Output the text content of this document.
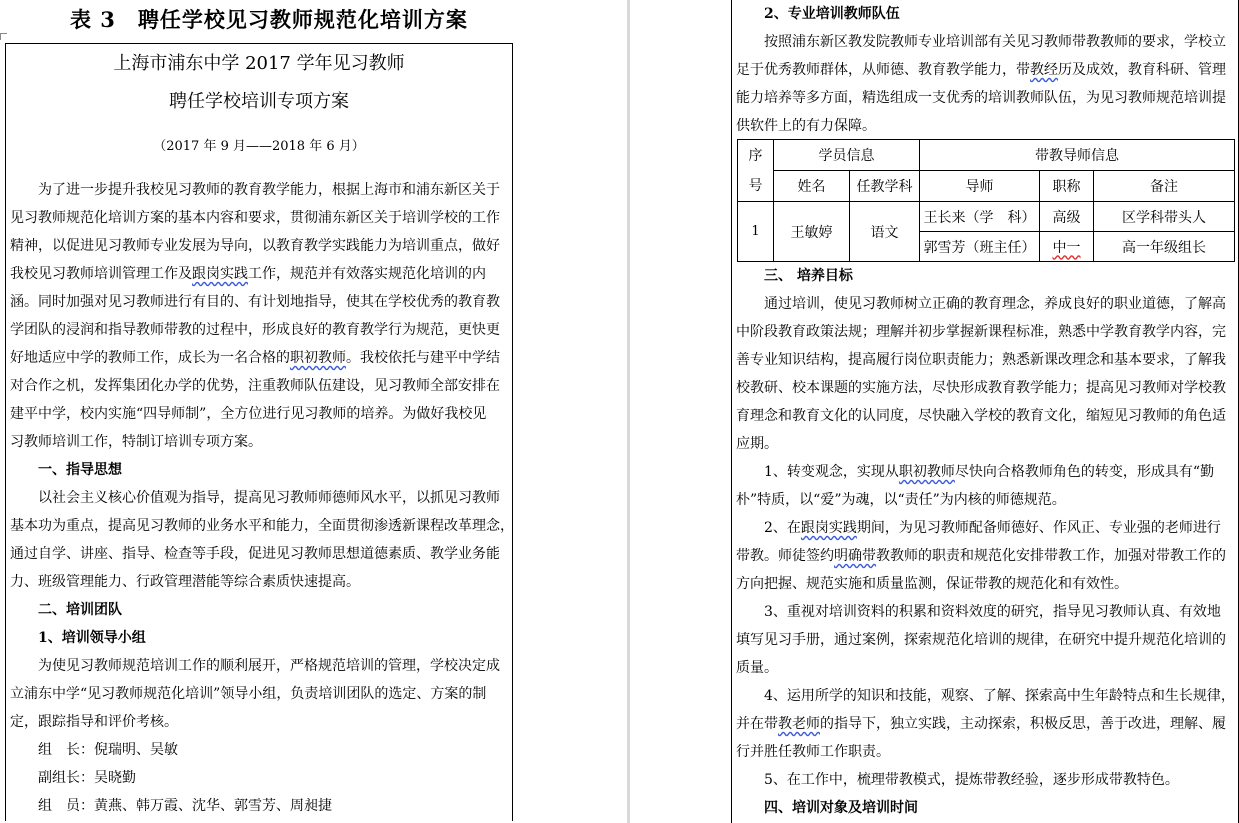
表 3　聘任学校见习教师规范化培训方案
上海市浦东中学 2017 学年见习教师
聘任学校培训专项方案
（2017 年 9 月——2018 年 6 月）
为了进一步提升我校见习教师的教育教学能力，根据上海市和浦东新区关于
见习教师规范化培训方案的基本内容和要求，贯彻浦东新区关于培训学校的工作
精神，以促进见习教师专业发展为导向，以教育教学实践能力为培训重点，做好
我校见习教师培训管理工作及跟岗实践工作，规范并有效落实规范化培训的内
涵。同时加强对见习教师进行有目的、有计划地指导，使其在学校优秀的教育教
学团队的浸润和指导教师带教的过程中，形成良好的教育教学行为规范，更快更
好地适应中学的教师工作，成长为一名合格的职初教师。我校依托与建平中学结
对合作之机，发挥集团化办学的优势，注重教师队伍建设，见习教师全部安排在
建平中学，校内实施“四导师制”，全方位进行见习教师的培养。为做好我校见
习教师培训工作，特制订培训专项方案。
一、指导思想
以社会主义核心价值观为指导，提高见习教师师德师风水平，以抓见习教师
基本功为重点，提高见习教师的业务水平和能力，全面贯彻渗透新课程改革理念，
通过自学、讲座、指导、检查等手段，促进见习教师思想道德素质、教学业务能
力、班级管理能力、行政管理潜能等综合素质快速提高。
二、培训团队
1、培训领导小组
为使见习教师规范培训工作的顺利展开，严格规范培训的管理，学校决定成
立浦东中学“见习教师规范化培训”领导小组，负责培训团队的选定、方案的制
定，跟踪指导和评价考核。
组　长：倪瑞明、吴敏
副组长：吴晓勤
组　员：黄燕、韩万霞、沈华、郭雪芳、周昶捷
2、专业培训教师队伍
按照浦东新区教发院教师专业培训部有关见习教师带教教师的要求，学校立
足于优秀教师群体，从师德、教育教学能力，带教经历及成效，教育科研、管理
能力培养等多方面，精选组成一支优秀的培训教师队伍，为见习教师规范培训提
供软件上的有力保障。
序
号	学员信息		带教导师信息		
	姓名	任教学科	导师	职称	备注
1	王敏婷	语文	王长来（学　科）	高级	区学科带头人
			郭雪芳（班主任）	中一	高一年级组长
三、 培养目标
通过培训，使见习教师树立正确的教育理念，养成良好的职业道德，了解高
中阶段教育政策法规；理解并初步掌握新课程标准，熟悉中学教育教学内容，完
善专业知识结构，提高履行岗位职责能力；熟悉新课改理念和基本要求，了解我
校教研、校本课题的实施方法，尽快形成教育教学能力；提高见习教师对学校教
育理念和教育文化的认同度，尽快融入学校的教育文化，缩短见习教师的角色适
应期。
1、转变观念，实现从职初教师尽快向合格教师角色的转变，形成具有“勤
朴”特质，以“爱”为魂，以“责任”为内核的师德规范。
2、在跟岗实践期间，为见习教师配备师德好、作风正、专业强的老师进行
带教。师徒签约明确带教教师的职责和规范化安排带教工作，加强对带教工作的
方向把握、规范实施和质量监测，保证带教的规范化和有效性。
3、重视对培训资料的积累和资料效度的研究，指导见习教师认真、有效地
填写见习手册，通过案例，探索规范化培训的规律，在研究中提升规范化培训的
质量。
4、运用所学的知识和技能，观察、了解、探索高中生年龄特点和生长规律，
并在带教老师的指导下，独立实践，主动探索，积极反思，善于改进，理解、履
行并胜任教师工作职责。
5、在工作中，梳理带教模式，提炼带教经验，逐步形成带教特色。
四、培训对象及培训时间
